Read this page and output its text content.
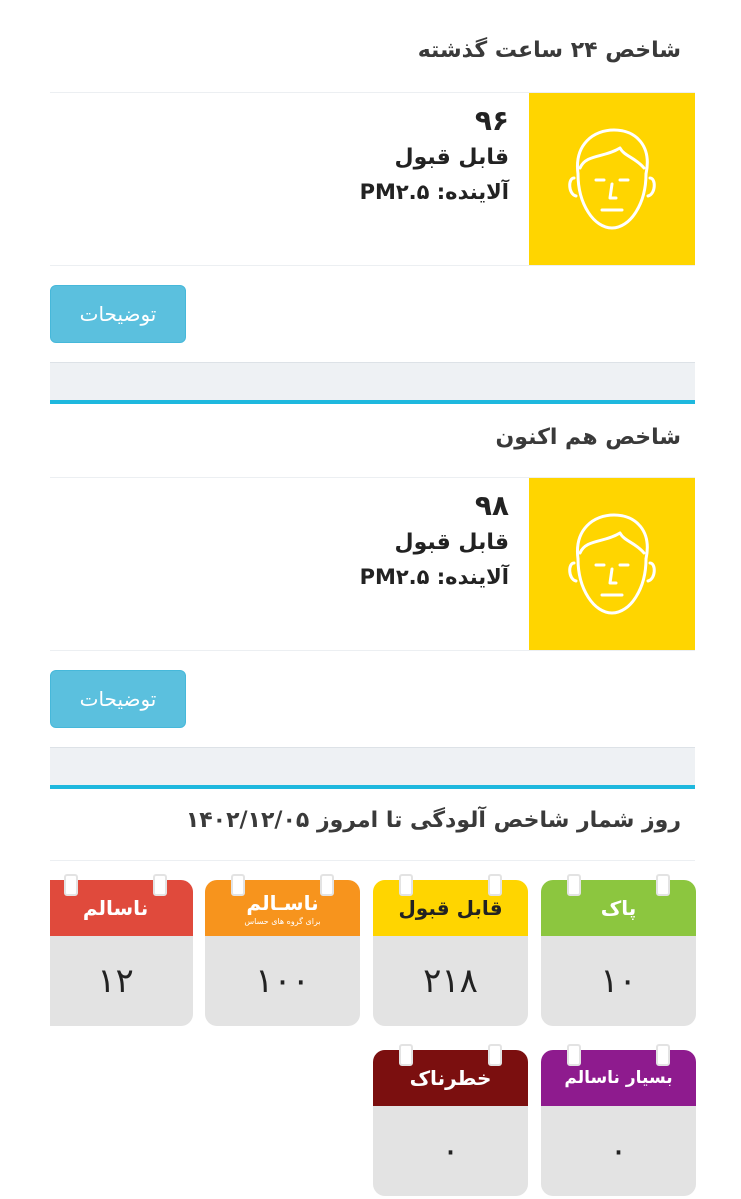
شاخص ۲۴ ساعت گذشته
۹۶
قابل قبول
آلاینده: PM۲.۵
توضیحات
شاخص هم اکنون
۹۸
قابل قبول
آلاینده: PM۲.۵
توضیحات
روز شمار شاخص آلودگی تا امروز ۱۴۰۲/۱۲/۰۵
پاک
۱۰
قابل قبول
۲۱۸
ناسـالم
برای گروه های حساس
۱۰۰
ناسالم
۱۲
بسیار ناسالم
۰
خطرناک
۰
